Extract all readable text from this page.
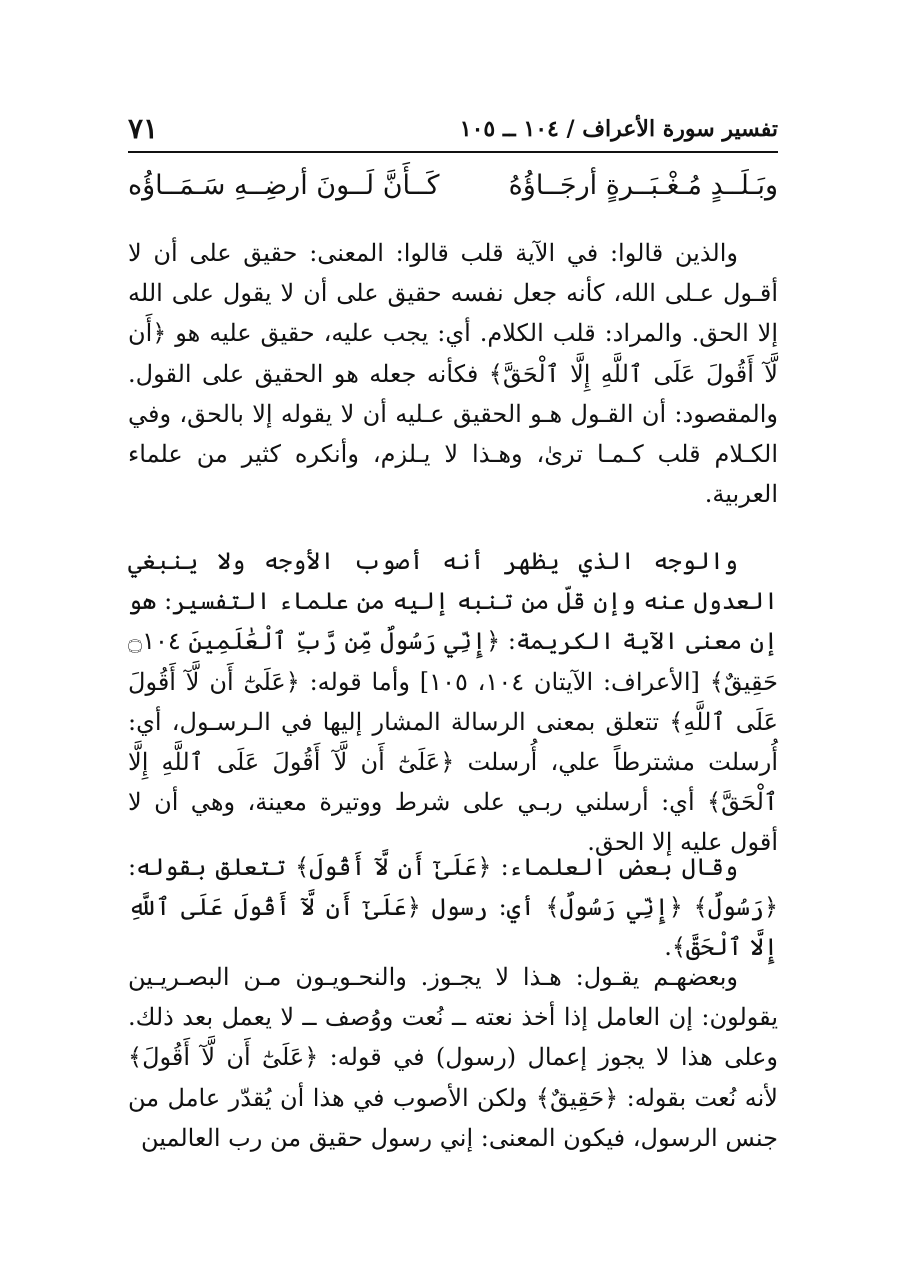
تفسير سورة الأعراف / ١٠٤ ــ ١٠٥
٧١
وبَـلَــدٍ مُـغْـبَــرةٍ أرجَــاؤُهُ
كَــأَنَّ لَــونَ أرضِــهِ سَـمَــاؤُه

والذين قالوا: في الآية قلب قالوا: المعنى: حقيق على أن لا أقـول عـلى الله، كأنه جعل نفسه حقيق على أن لا يقول على الله إلا الحق. والمراد: قلب الكلام. أي: يجب عليه، حقيق عليه هو ﴿أَن لَّآ أَقُولَ عَلَى ٱللَّهِ إِلَّا ٱلْحَقَّ﴾ فكأنه جعله هو الحقيق على القول. والمقصود: أن القـول هـو الحقيق عـليه أن لا يقوله إلا بالحق، وفي الكـلام قلب كـمـا ترىٰ، وهـذا لا يـلزم، وأنكره كثير من علماء العربية.

والوجه الذي يظهر أنه أصوب الأوجه ولا ينبغي العدول عنه وإن قلّ من تنبه إليه من علماء التفسير: هو إن معنى الآية الكريمة: ﴿إِنِّي رَسُولٌ مِّن رَّبِّ ٱلْعَٰلَمِينَ ۝١٠٤ حَقِيقٌ﴾ [الأعراف: الآيتان ١٠٤، ١٠٥] وأما قوله: ﴿عَلَىٰٓ أَن لَّآ أَقُولَ عَلَى ٱللَّهِ﴾ تتعلق بمعنى الرسالة المشار إليها في الـرسـول، أي: أُرسلت مشترطاً علي، أُرسلت ﴿عَلَىٰٓ أَن لَّآ أَقُولَ عَلَى ٱللَّهِ إِلَّا ٱلْحَقَّ﴾ أي: أرسلني ربـي على شرط ووتيرة معينة، وهي أن لا أقول عليه إلا الحق.

وقال بعض العلماء: ﴿عَلَىٰٓ أَن لَّآ أَقُولَ﴾ تتعلق بقوله: ﴿رَسُولٌ﴾ ﴿إِنِّي رَسُولٌ﴾ أي: رسول ﴿عَلَىٰٓ أَن لَّآ أَقُولَ عَلَى ٱللَّهِ إِلَّا ٱلْحَقَّ﴾.

وبعضهـم يقـول: هـذا لا يجـوز. والنحـويـون مـن البصـريـين يقولون: إن العامل إذا أخذ نعته ــ نُعت ووُصف ــ لا يعمل بعد ذلك. وعلى هذا لا يجوز إعمال (رسول) في قوله: ﴿عَلَىٰٓ أَن لَّآ أَقُولَ﴾ لأنه نُعت بقوله: ﴿حَقِيقٌ﴾ ولكن الأصوب في هذا أن يُقدّر عامل من جنس الرسول، فيكون المعنى: إني رسول حقيق من رب العالمين
